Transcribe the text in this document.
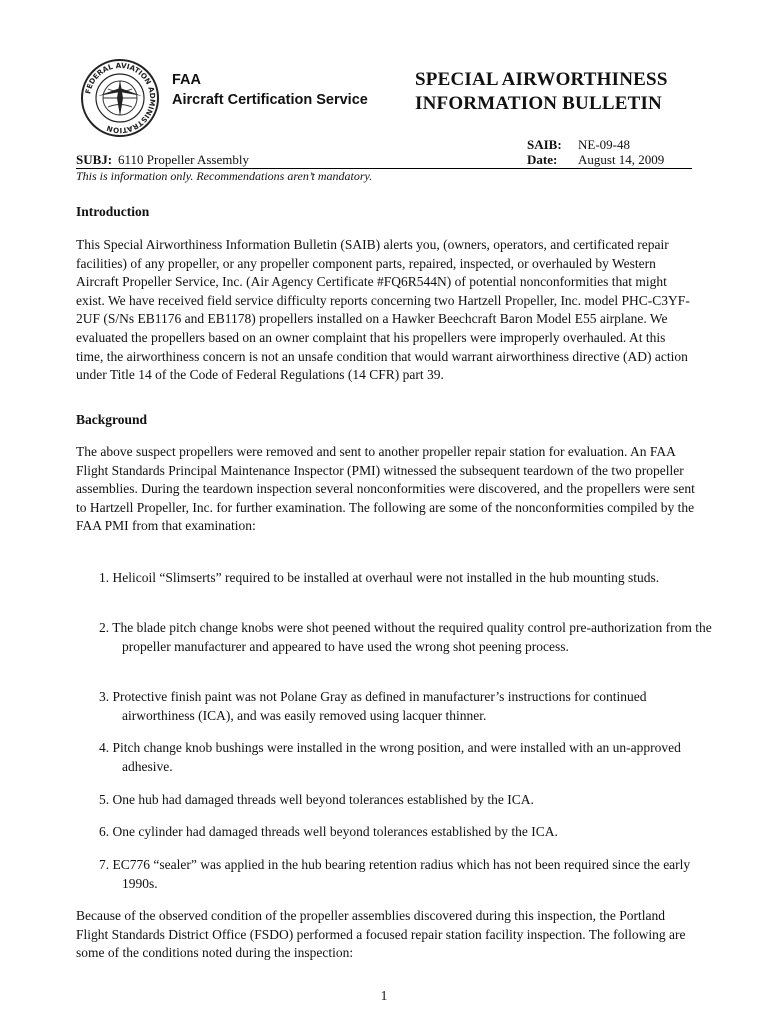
FEDERAL AVIATION ADMINISTRATION
FAA
Aircraft Certification Service
SPECIAL AIRWORTHINESS
INFORMATION BULLETIN
SAIB: NE-09-48
SUBJ: 6110 Propeller Assembly	Date: August 14, 2009
This is information only. Recommendations aren’t mandatory.
Introduction

This Special Airworthiness Information Bulletin (SAIB) alerts you, (owners, operators, and certificated repair facilities) of any propeller, or any propeller component parts, repaired, inspected, or overhauled by Western Aircraft Propeller Service, Inc. (Air Agency Certificate #FQ6R544N) of potential nonconformities that might exist. We have received field service difficulty reports concerning two Hartzell Propeller, Inc. model PHC-C3YF-2UF (S/Ns EB1176 and EB1178) propellers installed on a Hawker Beechcraft Baron Model E55 airplane. We evaluated the propellers based on an owner complaint that his propellers were improperly overhauled. At this time, the airworthiness concern is not an unsafe condition that would warrant airworthiness directive (AD) action under Title 14 of the Code of Federal Regulations (14 CFR) part 39.

Background

The above suspect propellers were removed and sent to another propeller repair station for evaluation. An FAA Flight Standards Principal Maintenance Inspector (PMI) witnessed the subsequent teardown of the two propeller assemblies. During the teardown inspection several nonconformities were discovered, and the propellers were sent to Hartzell Propeller, Inc. for further examination. The following are some of the nonconformities compiled by the FAA PMI from that examination:

1. Helicoil “Slimserts” required to be installed at overhaul were not installed in the hub mounting studs.

2. The blade pitch change knobs were shot peened without the required quality control pre-authorization from the propeller manufacturer and appeared to have used the wrong shot peening process.

3. Protective finish paint was not Polane Gray as defined in manufacturer’s instructions for continued airworthiness (ICA), and was easily removed using lacquer thinner.

4. Pitch change knob bushings were installed in the wrong position, and were installed with an un-approved adhesive.

5. One hub had damaged threads well beyond tolerances established by the ICA.

6. One cylinder had damaged threads well beyond tolerances established by the ICA.

7. EC776 “sealer” was applied in the hub bearing retention radius which has not been required since the early 1990s.

Because of the observed condition of the propeller assemblies discovered during this inspection, the Portland Flight Standards District Office (FSDO) performed a focused repair station facility inspection. The following are some of the conditions noted during the inspection:

1
